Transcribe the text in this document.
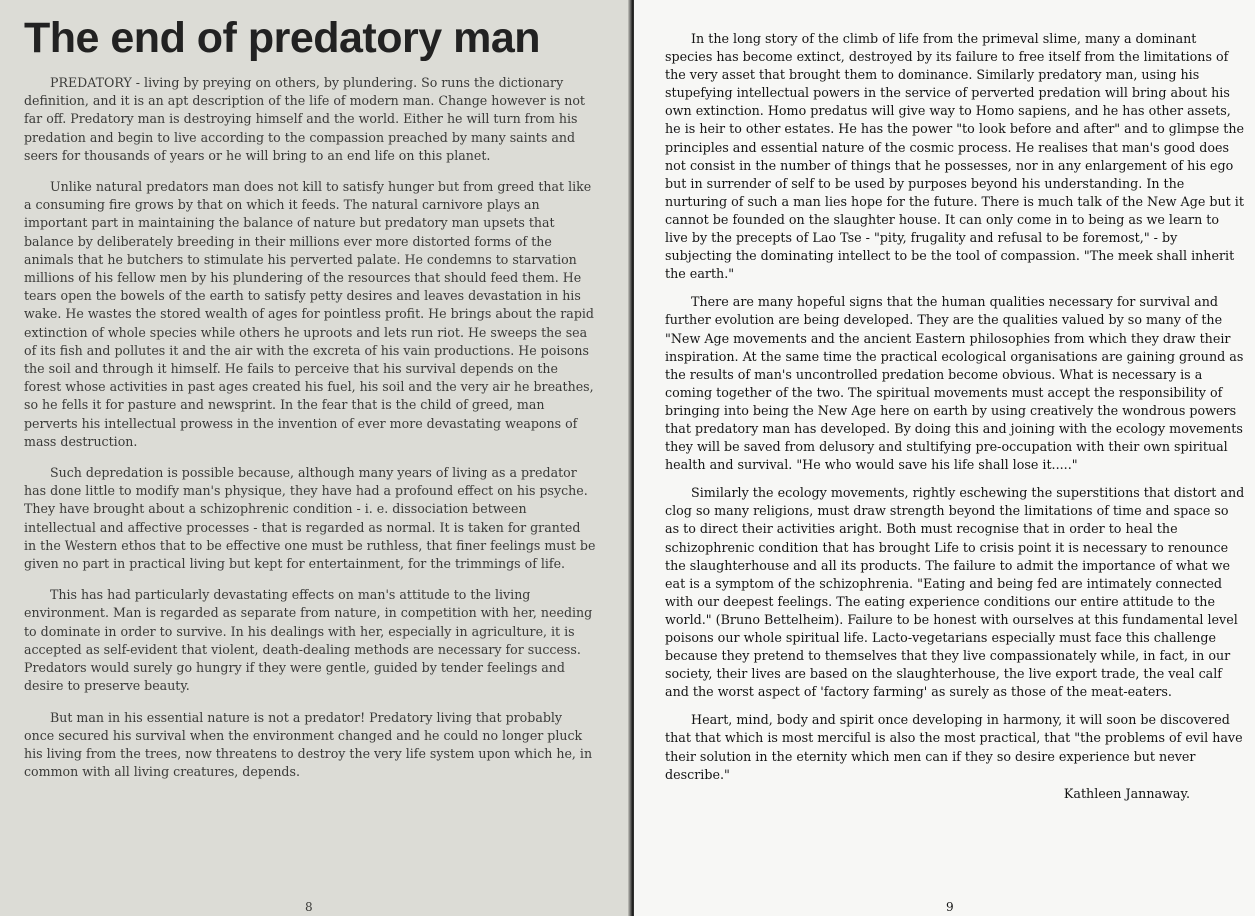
The end of predatory man

PREDATORY - living by preying on others, by plundering. So runs the dictionary definition, and it is an apt description of the life of modern man. Change however is not far off. Predatory man is destroying himself and the world. Either he will turn from his predation and begin to live according to the compassion preached by many saints and seers for thousands of years or he will bring to an end life on this planet.

Unlike natural predators man does not kill to satisfy hunger but from greed that like a consuming fire grows by that on which it feeds. The natural carnivore plays an important part in maintaining the balance of nature but predatory man upsets that balance by deliberately breeding in their millions ever more distorted forms of the animals that he butchers to stimulate his perverted palate. He condemns to starvation millions of his fellow men by his plundering of the resources that should feed them. He tears open the bowels of the earth to satisfy petty desires and leaves devastation in his wake. He wastes the stored wealth of ages for pointless profit. He brings about the rapid extinction of whole species while others he uproots and lets run riot. He sweeps the sea of its fish and pollutes it and the air with the excreta of his vain productions. He poisons the soil and through it himself. He fails to perceive that his survival depends on the forest whose activities in past ages created his fuel, his soil and the very air he breathes, so he fells it for pasture and newsprint. In the fear that is the child of greed, man perverts his intellectual prowess in the invention of ever more devastating weapons of mass destruction.

Such depredation is possible because, although many years of living as a predator has done little to modify man's physique, they have had a profound effect on his psyche. They have brought about a schizophrenic condition - i. e. dissociation between intellectual and affective processes - that is regarded as normal. It is taken for granted in the Western ethos that to be effective one must be ruthless, that finer feelings must be given no part in practical living but kept for entertainment, for the trimmings of life.

This has had particularly devastating effects on man's attitude to the living environment. Man is regarded as separate from nature, in competition with her, needing to dominate in order to survive. In his dealings with her, especially in agriculture, it is accepted as self-evident that violent, death-dealing methods are necessary for success. Predators would surely go hungry if they were gentle, guided by tender feelings and desire to preserve beauty.

But man in his essential nature is not a predator! Predatory living that probably once secured his survival when the environment changed and he could no longer pluck his living from the trees, now threatens to destroy the very life system upon which he, in common with all living creatures, depends.

8

In the long story of the climb of life from the primeval slime, many a dominant species has become extinct, destroyed by its failure to free itself from the limitations of the very asset that brought them to dominance. Similarly predatory man, using his stupefying intellectual powers in the service of perverted predation will bring about his own extinction. Homo predatus will give way to Homo sapiens, and he has other assets, he is heir to other estates. He has the power "to look before and after" and to glimpse the principles and essential nature of the cosmic process. He realises that man's good does not consist in the number of things that he possesses, nor in any enlargement of his ego but in surrender of self to be used by purposes beyond his understanding. In the nurturing of such a man lies hope for the future. There is much talk of the New Age but it cannot be founded on the slaughter house. It can only come in to being as we learn to live by the precepts of Lao Tse - "pity, frugality and refusal to be foremost," - by subjecting the dominating intellect to be the tool of compassion. "The meek shall inherit the earth."

There are many hopeful signs that the human qualities necessary for survival and further evolution are being developed. They are the qualities valued by so many of the "New Age movements and the ancient Eastern philosophies from which they draw their inspiration. At the same time the practical ecological organisations are gaining ground as the results of man's uncontrolled predation become obvious. What is necessary is a coming together of the two. The spiritual movements must accept the responsibility of bringing into being the New Age here on earth by using creatively the wondrous powers that predatory man has developed. By doing this and joining with the ecology movements they will be saved from delusory and stultifying pre-occupation with their own spiritual health and survival. "He who would save his life shall lose it....."

Similarly the ecology movements, rightly eschewing the superstitions that distort and clog so many religions, must draw strength beyond the limitations of time and space so as to direct their activities aright. Both must recognise that in order to heal the schizophrenic condition that has brought Life to crisis point it is necessary to renounce the slaughterhouse and all its products. The failure to admit the importance of what we eat is a symptom of the schizophrenia. "Eating and being fed are intimately connected with our deepest feelings. The eating experience conditions our entire attitude to the world." (Bruno Bettelheim). Failure to be honest with ourselves at this fundamental level poisons our whole spiritual life. Lacto-vegetarians especially must face this challenge because they pretend to themselves that they live compassionately while, in fact, in our society, their lives are based on the slaughterhouse, the live export trade, the veal calf and the worst aspect of 'factory farming' as surely as those of the meat-eaters.

Heart, mind, body and spirit once developing in harmony, it will soon be discovered that that which is most merciful is also the most practical, that "the problems of evil have their solution in the eternity which men can if they so desire experience but never describe."

Kathleen Jannaway.
9
